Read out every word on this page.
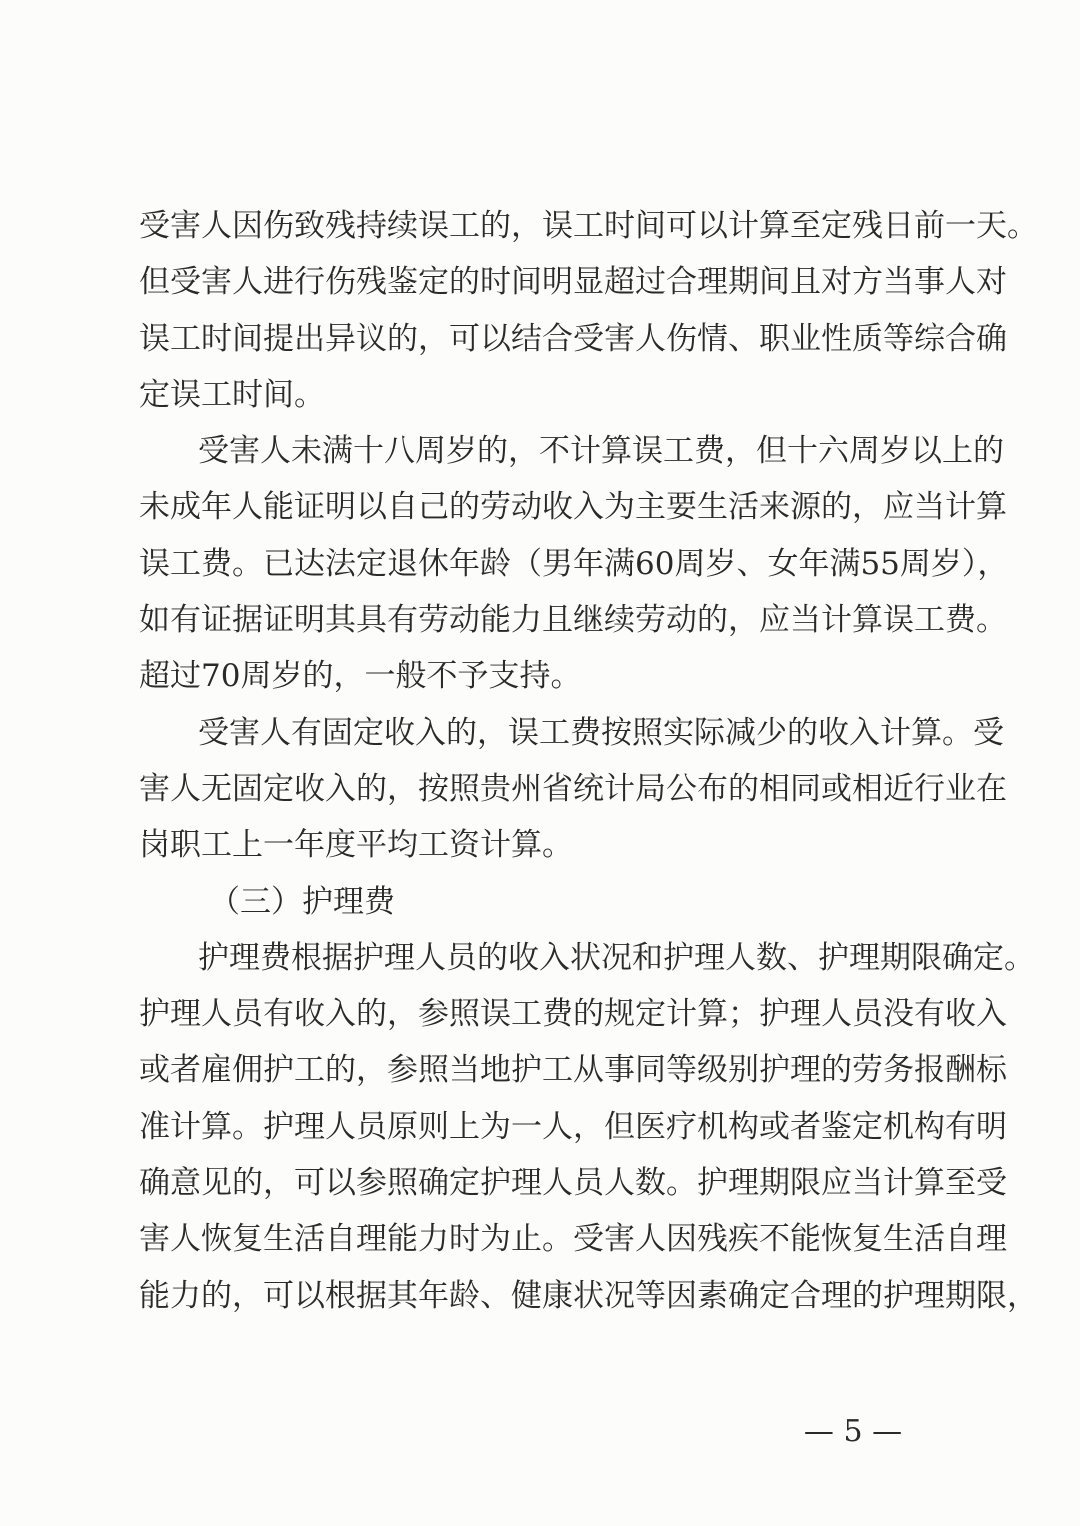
受害人因伤致残持续误工的，误工时间可以计算至定残日前一天。
但受害人进行伤残鉴定的时间明显超过合理期间且对方当事人对
误工时间提出异议的，可以结合受害人伤情、职业性质等综合确
定误工时间。
受害人未满十八周岁的，不计算误工费，但十六周岁以上的
未成年人能证明以自己的劳动收入为主要生活来源的，应当计算
误工费。已达法定退休年龄（男年满60周岁、女年满55周岁），
如有证据证明其具有劳动能力且继续劳动的，应当计算误工费。
超过70周岁的，一般不予支持。
受害人有固定收入的，误工费按照实际减少的收入计算。受
害人无固定收入的，按照贵州省统计局公布的相同或相近行业在
岗职工上一年度平均工资计算。
（三）护理费
护理费根据护理人员的收入状况和护理人数、护理期限确定。
护理人员有收入的，参照误工费的规定计算；护理人员没有收入
或者雇佣护工的，参照当地护工从事同等级别护理的劳务报酬标
准计算。护理人员原则上为一人，但医疗机构或者鉴定机构有明
确意见的，可以参照确定护理人员人数。护理期限应当计算至受
害人恢复生活自理能力时为止。受害人因残疾不能恢复生活自理
能力的，可以根据其年龄、健康状况等因素确定合理的护理期限，
— 5 —
